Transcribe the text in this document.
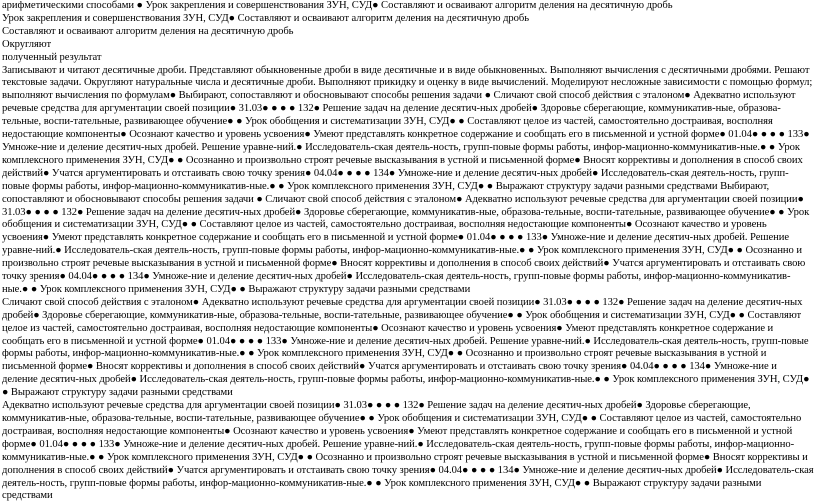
арифметическими способами ● Урок закрепления и совершенствования ЗУН, СУД● Составляют и осваивают алгоритм деления на десятичную дробь

Урок закрепления и совершенствования ЗУН, СУД● Составляют и осваивают алгоритм деления на десятичную дробь

Составляют и осваивают алгоритм деления на десятичную дробь

Округляют

полученный результат

Записывают и читают десятичные дроби. Представляют обыкновенные дроби в виде десятичные и в виде обыкновенных. Выполняют вычисления с десятичными дробями. Решают текстовые задачи. Округляют натуральные числа и десятичные дроби. Выполняют прикидку и оценку в виде вычислений. Моделируют несложные зависимости с помощью формул; выполняют вычисления по формулам● Выбирают, сопоставляют и обосновывают способы решения задачи ● Сличают свой способ действия с эталоном● Адекватно используют речевые средства для аргументации своей позиции● 31.03● ● ● ● 132● Решение задач на деление десятич-ных дробей● Здоровье сберегающие, коммуникатив-ные, образова-тельные, воспи-тательные, развивающее обучение● ● Урок обобщения и систематизации ЗУН, СУД● ● Составляют целое из частей, самостоятельно достраивая, восполняя недостающие компоненты● Осознают качество и уровень усвоения● Умеют представлять конкретное содержание и сообщать его в письменной и устной форме● 01.04● ● ● ● 133● Умноже-ние и деление десятич-ных дробей. Решение уравне-ний.● Исследователь-ская деятель-ность, групп-повые формы работы, инфор-мационно-коммуникатив-ные.● ● Урок комплексного применения ЗУН, СУД● ● Осознанно и произвольно строят речевые высказывания в устной и письменной форме● Вносят коррективы и дополнения в способ своих действий● Учатся аргументировать и отстаивать свою точку зрения● 04.04● ● ● ● 134● Умноже-ние и деление десятич-ных дробей● Исследователь-ская деятель-ность, групп-повые формы работы, инфор-мационно-коммуникатив-ные.● ● Урок комплексного применения ЗУН, СУД● ● Выражают структуру задачи разными средствами Выбирают, сопоставляют и обосновывают способы решения задачи ● Сличают свой способ действия с эталоном● Адекватно используют речевые средства для аргументации своей позиции● 31.03● ● ● ● 132● Решение задач на деление десятич-ных дробей● Здоровье сберегающие, коммуникатив-ные, образова-тельные, воспи-тательные, развивающее обучение● ● Урок обобщения и систематизации ЗУН, СУД● ● Составляют целое из частей, самостоятельно достраивая, восполняя недостающие компоненты● Осознают качество и уровень усвоения● Умеют представлять конкретное содержание и сообщать его в письменной и устной форме● 01.04● ● ● ● 133● Умноже-ние и деление десятич-ных дробей. Решение уравне-ний.● Исследователь-ская деятель-ность, групп-повые формы работы, инфор-мационно-коммуникатив-ные.● ● Урок комплексного применения ЗУН, СУД● ● Осознанно и произвольно строят речевые высказывания в устной и письменной форме● Вносят коррективы и дополнения в способ своих действий● Учатся аргументировать и отстаивать свою точку зрения● 04.04● ● ● ● 134● Умноже-ние и деление десятич-ных дробей● Исследователь-ская деятель-ность, групп-повые формы работы, инфор-мационно-коммуникатив-ные.● ● Урок комплексного применения ЗУН, СУД● ● Выражают структуру задачи разными средствами

Сличают свой способ действия с эталоном● Адекватно используют речевые средства для аргументации своей позиции● 31.03● ● ● ● 132● Решение задач на деление десятич-ных дробей● Здоровье сберегающие, коммуникатив-ные, образова-тельные, воспи-тательные, развивающее обучение● ● Урок обобщения и систематизации ЗУН, СУД● ● Составляют целое из частей, самостоятельно достраивая, восполняя недостающие компоненты● Осознают качество и уровень усвоения● Умеют представлять конкретное содержание и сообщать его в письменной и устной форме● 01.04● ● ● ● 133● Умноже-ние и деление десятич-ных дробей. Решение уравне-ний.● Исследователь-ская деятель-ность, групп-повые формы работы, инфор-мационно-коммуникатив-ные.● ● Урок комплексного применения ЗУН, СУД● ● Осознанно и произвольно строят речевые высказывания в устной и письменной форме● Вносят коррективы и дополнения в способ своих действий● Учатся аргументировать и отстаивать свою точку зрения● 04.04● ● ● ● 134● Умноже-ние и деление десятич-ных дробей● Исследователь-ская деятель-ность, групп-повые формы работы, инфор-мационно-коммуникатив-ные.● ● Урок комплексного применения ЗУН, СУД● ● Выражают структуру задачи разными средствами

Адекватно используют речевые средства для аргументации своей позиции● 31.03● ● ● ● 132● Решение задач на деление десятич-ных дробей● Здоровье сберегающие, коммуникатив-ные, образова-тельные, воспи-тательные, развивающее обучение● ● Урок обобщения и систематизации ЗУН, СУД● ● Составляют целое из частей, самостоятельно достраивая, восполняя недостающие компоненты● Осознают качество и уровень усвоения● Умеют представлять конкретное содержание и сообщать его в письменной и устной форме● 01.04● ● ● ● 133● Умноже-ние и деление десятич-ных дробей. Решение уравне-ний.● Исследователь-ская деятель-ность, групп-повые формы работы, инфор-мационно-коммуникатив-ные.● ● Урок комплексного применения ЗУН, СУД● ● Осознанно и произвольно строят речевые высказывания в устной и письменной форме● Вносят коррективы и дополнения в способ своих действий● Учатся аргументировать и отстаивать свою точку зрения● 04.04● ● ● ● 134● Умноже-ние и деление десятич-ных дробей● Исследователь-ская деятель-ность, групп-повые формы работы, инфор-мационно-коммуникатив-ные.● ● Урок комплексного применения ЗУН, СУД● ● Выражают структуру задачи разными средствами
